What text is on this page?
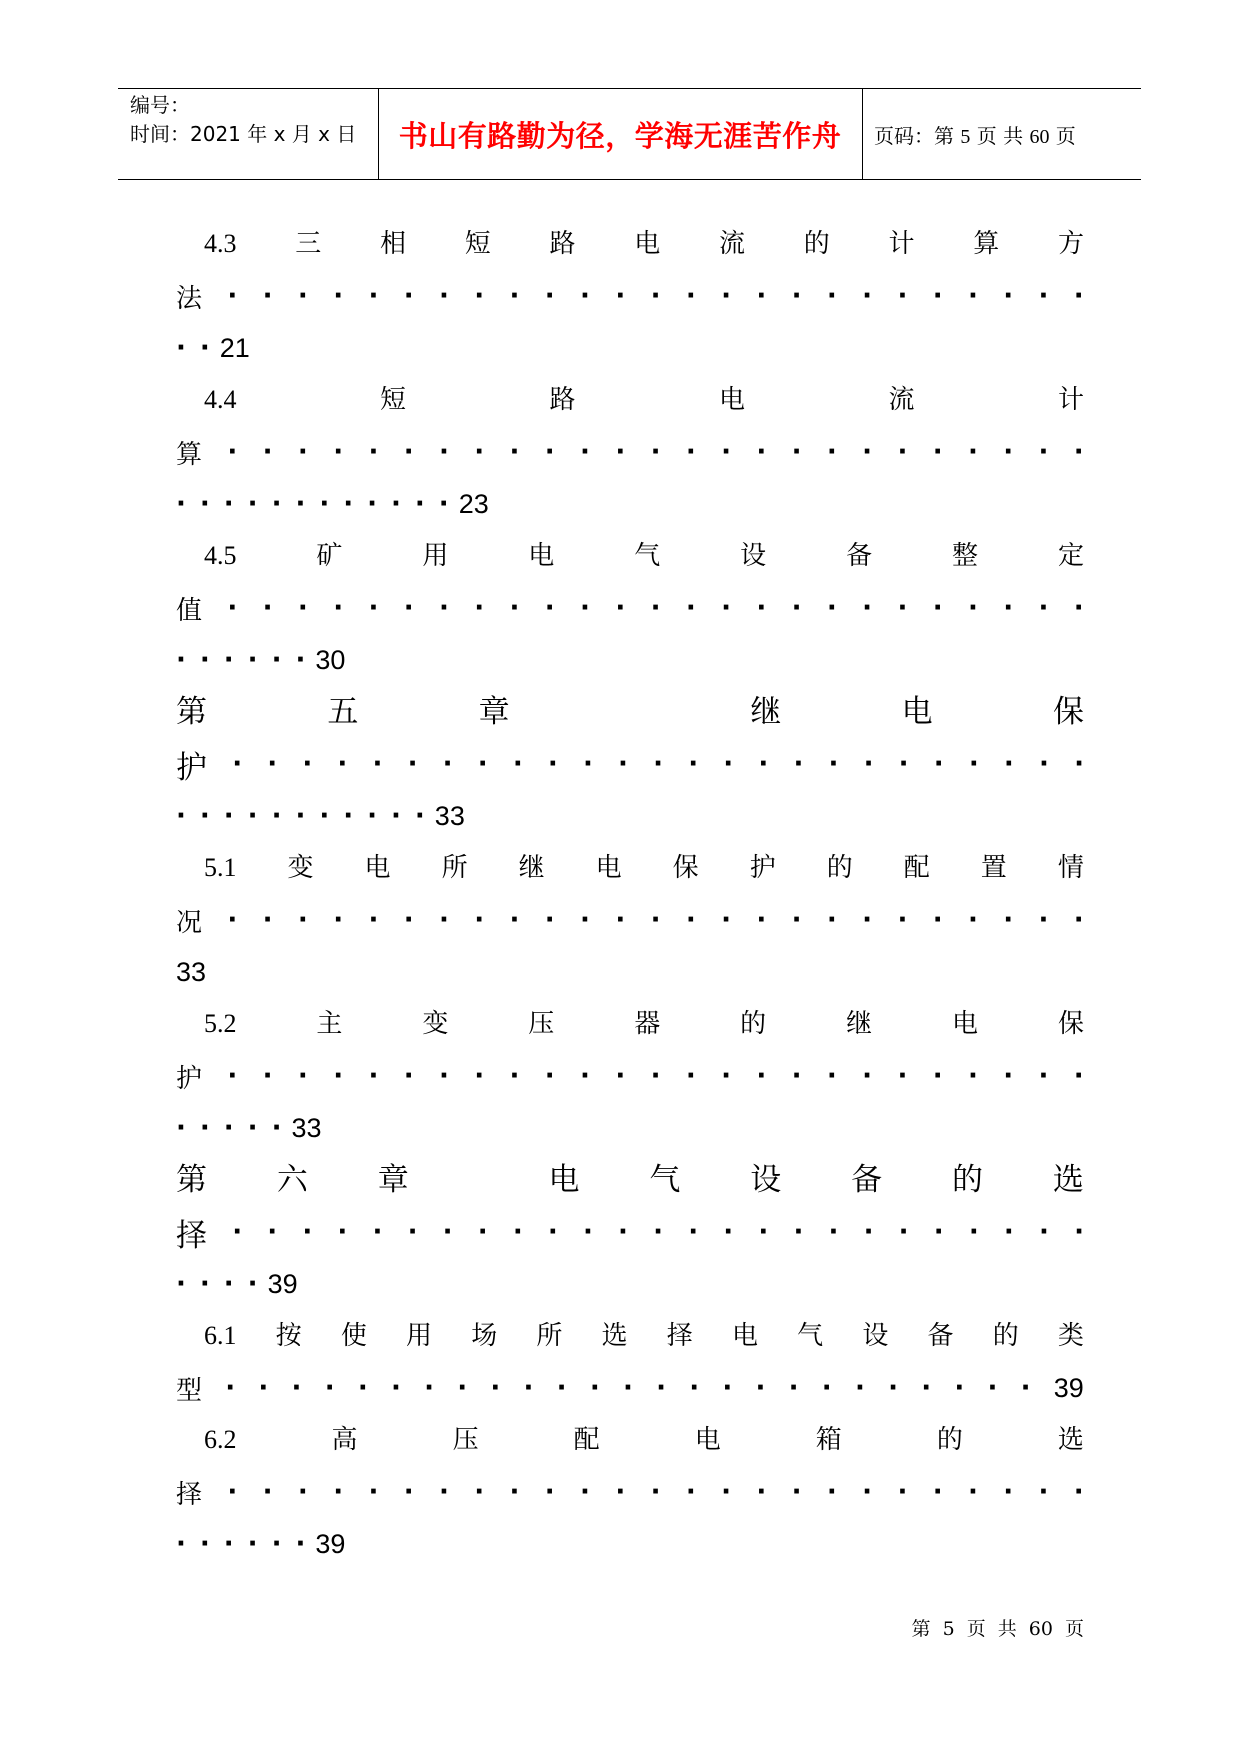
编号：
时间：2021 年 x 月 x 日	书山有路勤为径，学海无涯苦作舟	页码：第 5 页 共 60 页
4.3 三 相 短 路 电 流 的 计 算 方
法 · · · · · · · · · · · · · · · · · · · · · · · · ·
· · 21
4.4	短	路	电	流	计
算 · · · · · · · · · · · · · · · · · · · · · · · · ·
· · · · · · · · · · · · 23
4.5	矿	用	电	气	设	备	整	定
值 · · · · · · · · · · · · · · · · · · · · · · · · ·
· · · · · · 30
第	五	章	继	电	保
护 · · · · · · · · · · · · · · · · · · · · · · · · ·
· · · · · · · · · · · 33
5.1 变 电 所 继 电 保 护 的 配 置 情
况 · · · · · · · · · · · · · · · · · · · · · · · · ·
33
5.2	主	变	压	器	的	继	电	保
护 · · · · · · · · · · · · · · · · · · · · · · · · ·
· · · · · 33
第 六 章	电 气 设 备 的 选
择 · · · · · · · · · · · · · · · · · · · · · · · · ·
· · · · 39
6.1 按 使 用 场 所 选 择 电 气 设 备 的 类
型 · · · · · · · · · · · · · · · · · · · · · · · · · 39
6.2	高	压	配	电	箱	的	选
择 · · · · · · · · · · · · · · · · · · · · · · · · ·
· · · · · · 39
第 5 页 共 60 页
